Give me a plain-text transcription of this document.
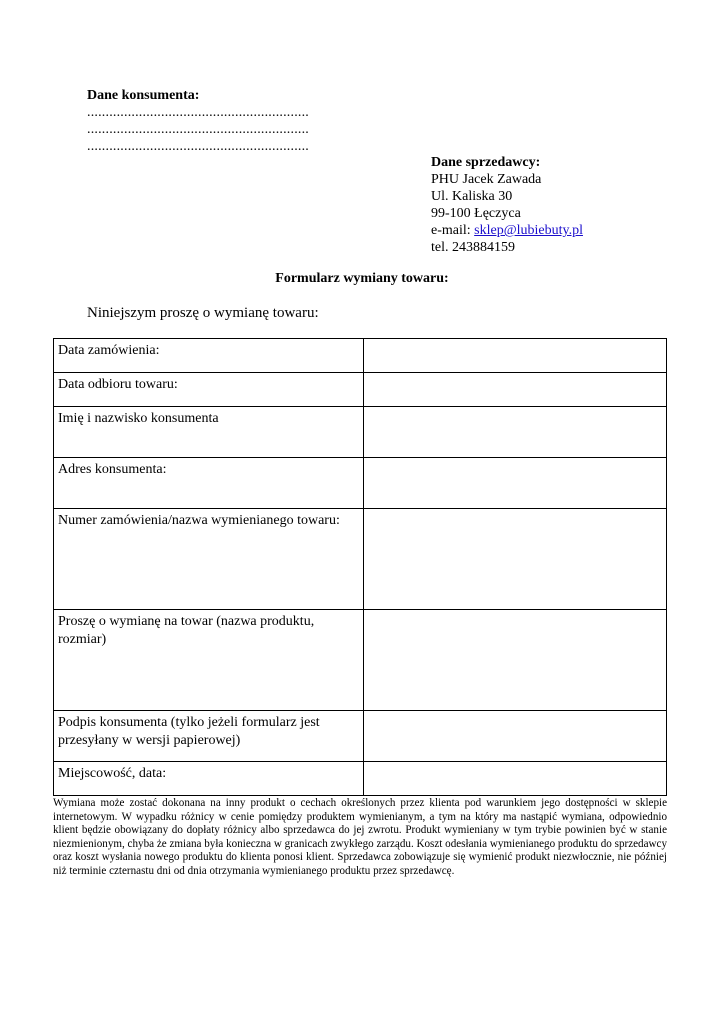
Dane konsumenta:
............................................................
............................................................
............................................................
Dane sprzedawcy:
PHU Jacek Zawada
Ul. Kaliska 30
99-100 Łęczyca
e-mail: sklep@lubiebuty.pl
tel. 243884159
Formularz wymiany towaru:
Niniejszym proszę o wymianę towaru:
Data zamówienia:	
Data odbioru towaru:	
Imię i nazwisko konsumenta	
Adres konsumenta:	
Numer zamówienia/nazwa wymienianego towaru:	
Proszę o wymianę na towar (nazwa produktu, rozmiar)	
Podpis konsumenta (tylko jeżeli formularz jest przesyłany w wersji papierowej)	
Miejscowość, data:	
Wymiana może zostać dokonana na inny produkt o cechach określonych przez klienta pod warunkiem jego dostępności w sklepie internetowym. W wypadku różnicy w cenie pomiędzy produktem wymienianym, a tym na który ma nastąpić wymiana, odpowiednio klient będzie obowiązany do dopłaty różnicy albo sprzedawca do jej zwrotu. Produkt wymieniany w tym trybie powinien być w stanie niezmienionym, chyba że zmiana była konieczna w granicach zwykłego zarządu. Koszt odesłania wymienianego produktu do sprzedawcy oraz koszt wysłania nowego produktu do klienta ponosi klient. Sprzedawca zobowiązuje się wymienić produkt niezwłocznie, nie później niż terminie czternastu dni od dnia otrzymania wymienianego produktu przez sprzedawcę.
